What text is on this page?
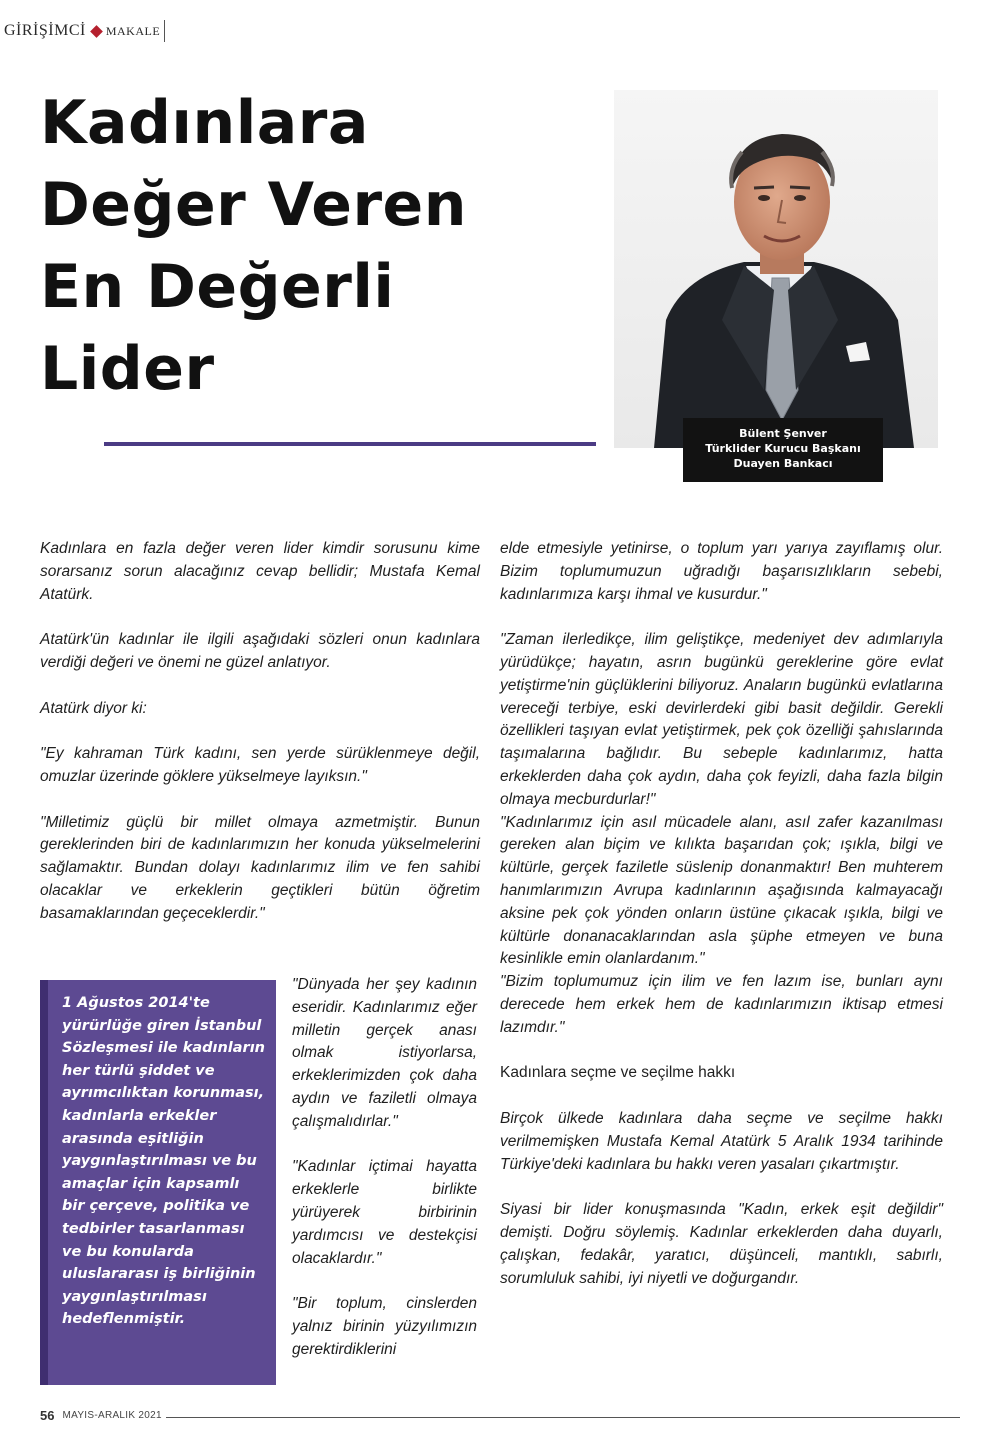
GİRİŞİMCİ MAKALE
Kadınlara
Değer Veren
En Değerli
Lider
Bülent Şenver
Türklider Kurucu Başkanı
Duayen Bankacı

Kadınlara en fazla değer veren lider kimdir sorusunu kime sorarsanız sorun alacağınız cevap bellidir; Mustafa Kemal Atatürk.

Atatürk'ün kadınlar ile ilgili aşağıdaki sözleri onun kadınlara verdiği değeri ve önemi ne güzel anlatıyor.

Atatürk diyor ki:

"Ey kahraman Türk kadını, sen yerde sürüklenmeye değil, omuzlar üzerinde göklere yükselmeye layıksın."

"Milletimiz güçlü bir millet olmaya azmetmiştir. Bunun gereklerinden biri de kadınlarımızın her konuda yükselmelerini sağlamaktır. Bundan dolayı kadınlarımız ilim ve fen sahibi olacaklar ve erkeklerin geçtikleri bütün öğretim basamaklarından geçeceklerdir."

1 Ağustos 2014'te yürürlüğe giren İstanbul Sözleşmesi ile kadınların her türlü şiddet ve ayrımcılıktan korunması, kadınlarla erkekler arasında eşitliğin yaygınlaştırılması ve bu amaçlar için kapsamlı bir çerçeve, politika ve tedbirler tasarlanması ve bu konularda uluslararası iş birliğinin yaygınlaştırılması hedeflenmiştir.

"Dünyada her şey kadının eseridir. Kadınlarımız eğer milletin gerçek anası olmak istiyorlarsa, erkeklerimizden çok daha aydın ve faziletli olmaya çalışmalıdırlar."

"Kadınlar içtimai hayatta erkeklerle birlikte yürüyerek birbirinin yardımcısı ve destekçisi olacaklardır."

"Bir toplum, cinslerden yalnız birinin yüzyılımızın gerektirdiklerini

elde etmesiyle yetinirse, o toplum yarı yarıya zayıflamış olur. Bizim toplumumuzun uğradığı başarısızlıkların sebebi, kadınlarımıza karşı ihmal ve kusurdur."

"Zaman ilerledikçe, ilim geliştikçe, medeniyet dev adımlarıyla yürüdükçe; hayatın, asrın bugünkü gereklerine göre evlat yetiştirme'nin güçlüklerini biliyoruz. Anaların bugünkü evlatlarına vereceği terbiye, eski devirlerdeki gibi basit değildir. Gerekli özellikleri taşıyan evlat yetiştirmek, pek çok özelliği şahıslarında taşımalarına bağlıdır. Bu sebeple kadınlarımız, hatta erkeklerden daha çok aydın, daha çok feyizli, daha fazla bilgin olmaya mecburdurlar!"

"Kadınlarımız için asıl mücadele alanı, asıl zafer kazanılması gereken alan biçim ve kılıkta başarıdan çok; ışıkla, bilgi ve kültürle, gerçek faziletle süslenip donanmaktır! Ben muhterem hanımlarımızın Avrupa kadınlarının aşağısında kalmayacağı aksine pek çok yönden onların üstüne çıkacak ışıkla, bilgi ve kültürle donanacaklarından asla şüphe etmeyen ve buna kesinlikle emin olanlardanım."

"Bizim toplumumuz için ilim ve fen lazım ise, bunları aynı derecede hem erkek hem de kadınlarımızın iktisap etmesi lazımdır."

Kadınlara seçme ve seçilme hakkı

Birçok ülkede kadınlara daha seçme ve seçilme hakkı verilmemişken Mustafa Kemal Atatürk 5 Aralık 1934 tarihinde Türkiye'deki kadınlara bu hakkı veren yasaları çıkartmıştır.

Siyasi bir lider konuşmasında "Kadın, erkek eşit değildir" demişti. Doğru söylemiş. Kadınlar erkeklerden daha duyarlı, çalışkan, fedakâr, yaratıcı, düşünceli, mantıklı, sabırlı, sorumluluk sahibi, iyi niyetli ve doğurgandır.

56 MAYIS-ARALIK 2021
